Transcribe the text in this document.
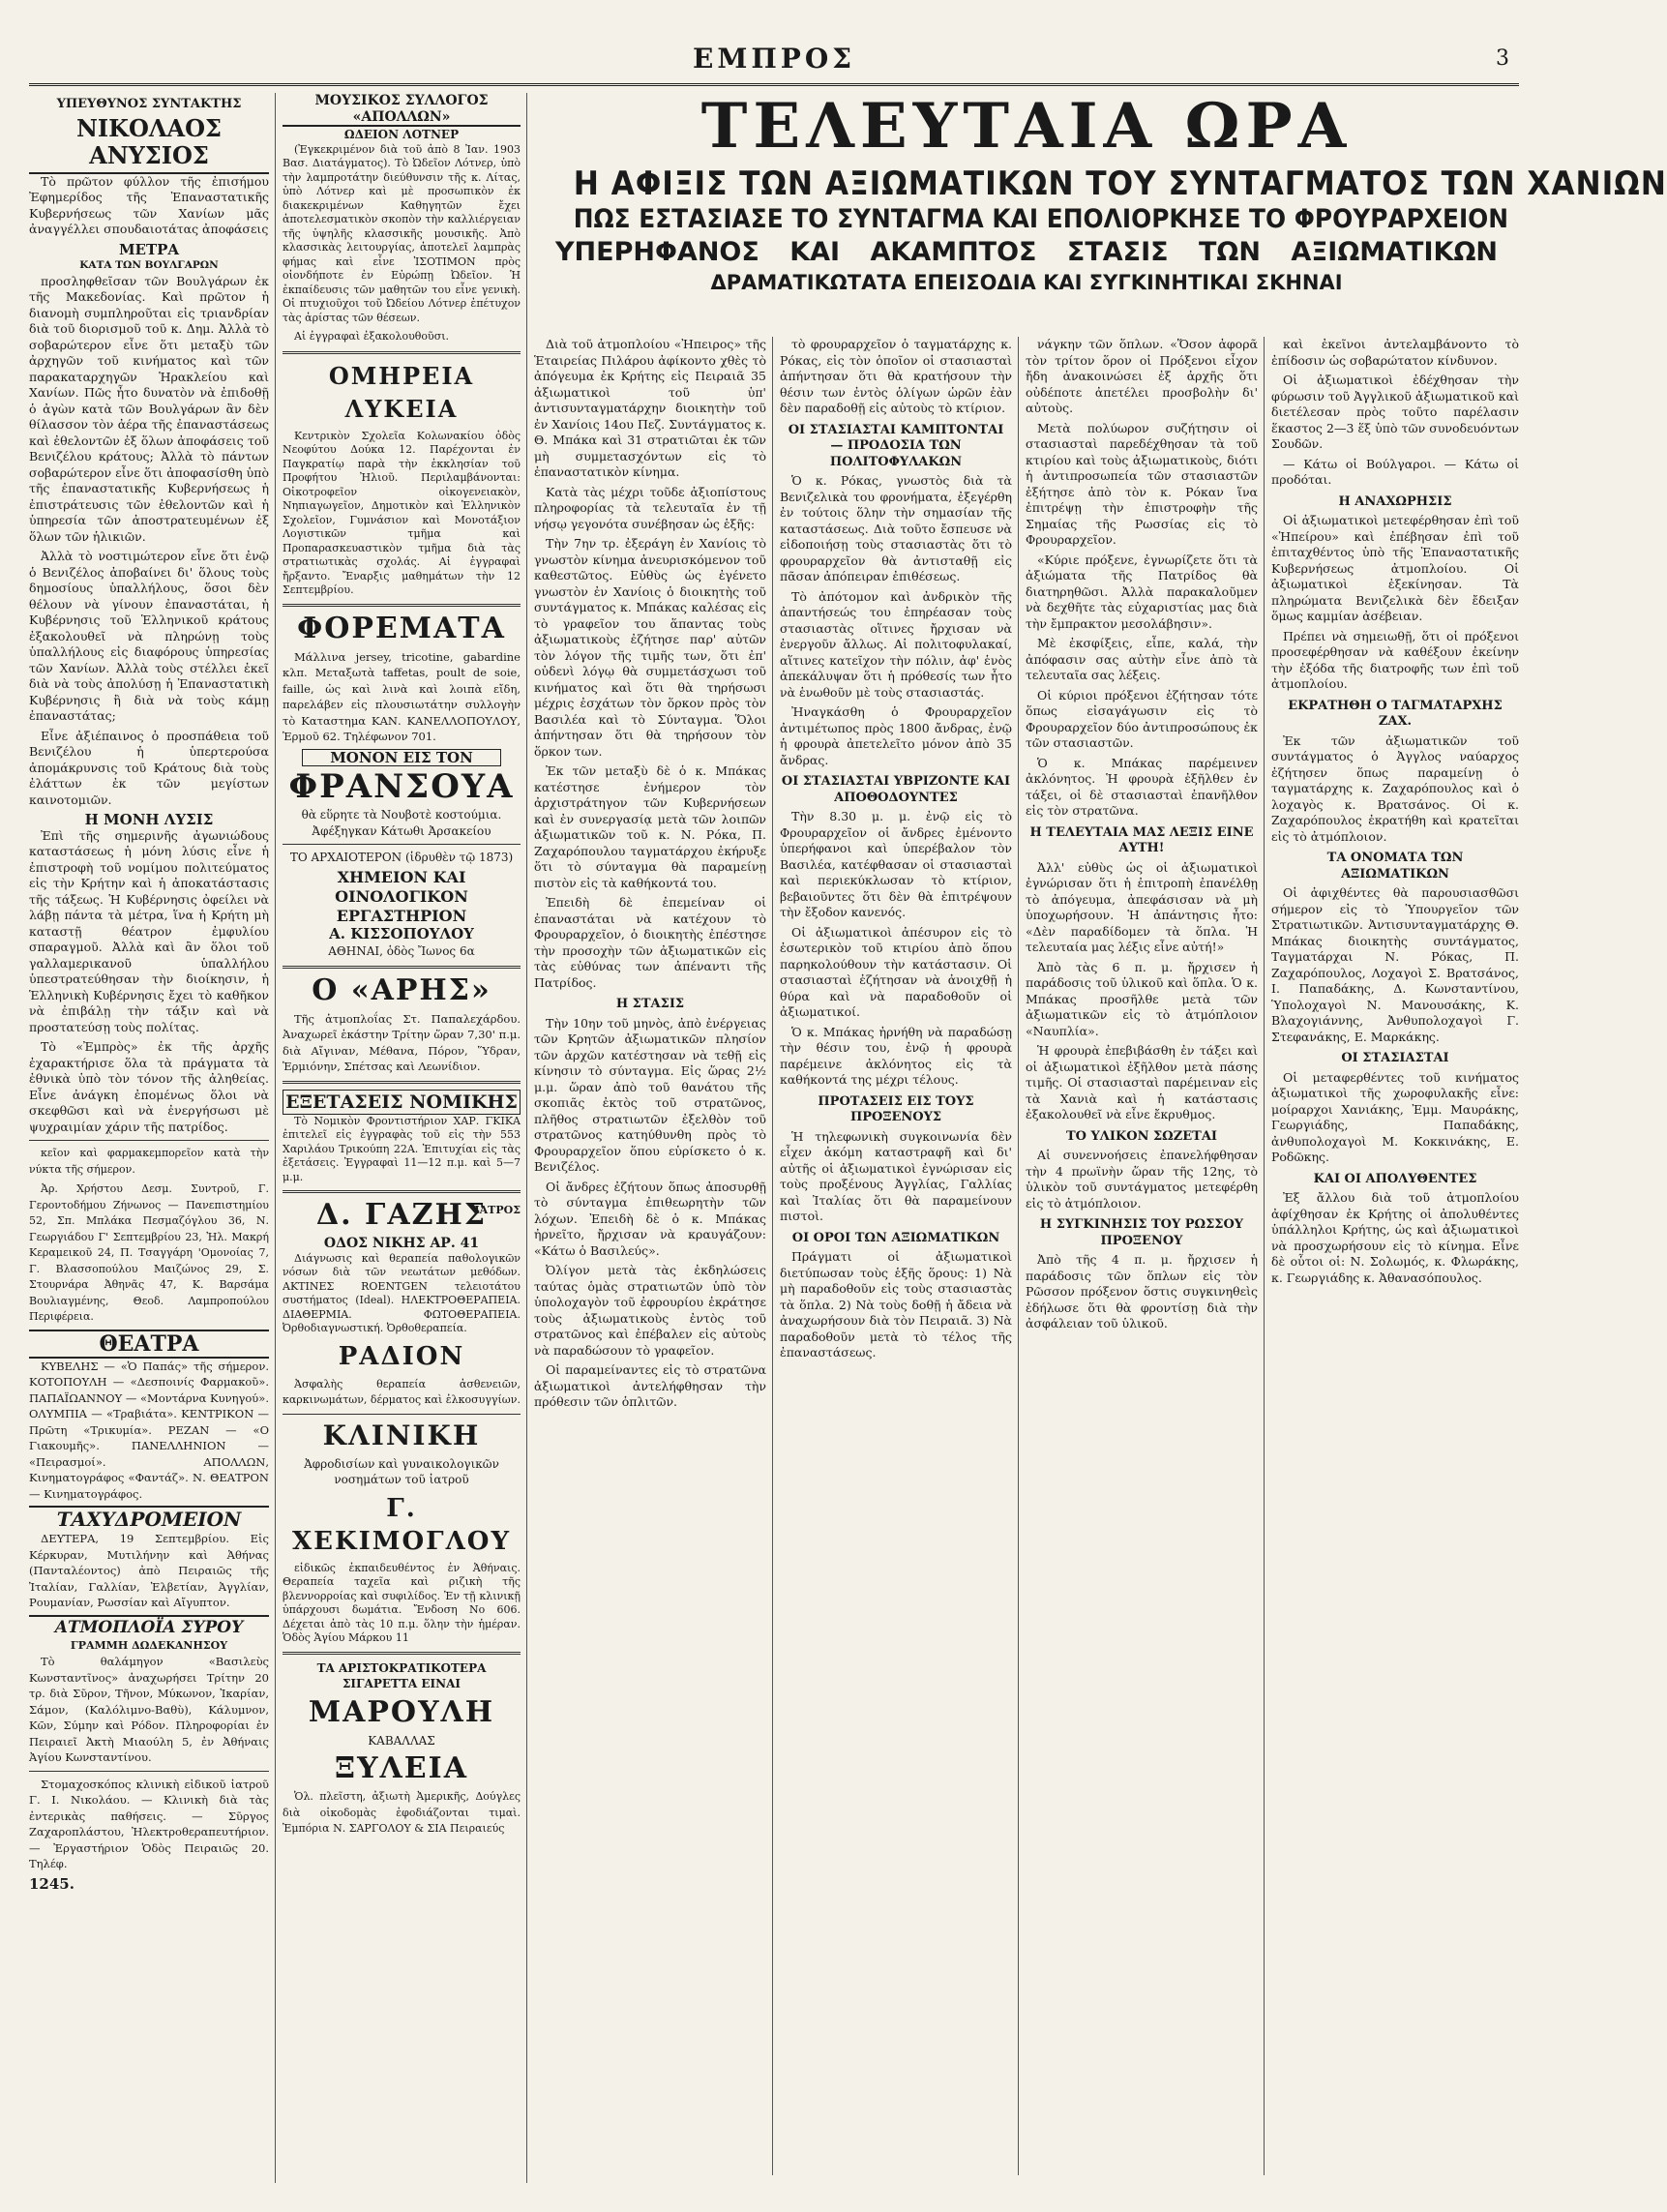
ΕΜΠΡΟΣ	3
ΥΠΕΥΘΥΝΟΣ ΣΥΝΤΑΚΤΗΣ
ΝΙΚΟΛΑΟΣ ΑΝΥΣΙΟΣ

Τὸ πρῶτον φύλλον τῆς ἐπισήμου Ἐφημερίδος τῆς Ἐπαναστατικῆς Κυβερνήσεως τῶν Χανίων μᾶς ἀναγγέλλει σπουδαιοτάτας ἀποφάσεις

ΜΕΤΡΑ
ΚΑΤΑ ΤΩΝ ΒΟΥΛΓΑΡΩΝ

προσληφθεῖσαν τῶν Βουλγάρων ἐκ τῆς Μακεδονίας. Καὶ πρῶτον ἡ διανομὴ συμπληροῦται εἰς τριανδρίαν διὰ τοῦ διορισμοῦ τοῦ κ. Δημ. Ἀλλὰ τὸ σοβαρώτερον εἶνε ὅτι μεταξὺ τῶν ἀρχηγῶν τοῦ κινήματος καὶ τῶν παρακαταρχηγῶν Ἡρακλείου καὶ Χανίων. Πῶς ἦτο δυνατὸν νὰ ἐπιδοθῇ ὁ ἀγὼν κατὰ τῶν Βουλγάρων ἂν δὲν θίλασσον τὸν ἀέρα τῆς ἐπαναστάσεως καὶ ἐθελοντῶν ἐξ ὅλων ἀποφάσεις τοῦ Βενιζέλου κράτους; Ἀλλὰ τὸ πάντων σοβαρώτερον εἶνε ὅτι ἀποφασίσθη ὑπὸ τῆς ἐπαναστατικῆς Κυβερνήσεως ἡ ἐπιστράτευσις τῶν ἐθελοντῶν καὶ ἡ ὑπηρεσία τῶν ἀποστρατευμένων ἐξ ὅλων τῶν ἡλικιῶν.

Ἀλλὰ τὸ νοστιμώτερον εἶνε ὅτι ἐνῷ ὁ Βενιζέλος ἀποβαίνει δι' ὅλους τοὺς δημοσίους ὑπαλλήλους, ὅσοι δὲν θέλουν νὰ γίνουν ἐπαναστάται, ἡ Κυβέρνησις τοῦ Ἑλληνικοῦ κράτους ἐξακολουθεῖ νὰ πληρώνῃ τοὺς ὑπαλλήλους εἰς διαφόρους ὑπηρεσίας τῶν Χανίων. Ἀλλὰ τοὺς στέλλει ἐκεῖ διὰ νὰ τοὺς ἀπολύσῃ ἡ Ἐπαναστατικὴ Κυβέρνησις ἢ διὰ νὰ τοὺς κάμῃ ἐπαναστάτας;

Εἶνε ἀξιέπαινος ὁ προσπάθεια τοῦ Βενιζέλου ἡ ὑπερτερούσα ἀπομάκρυνσις τοῦ Κράτους διὰ τοὺς ἐλάττων ἐκ τῶν μεγίστων καινοτομιῶν.

Η ΜΟΝΗ ΛΥΣΙΣ

Ἐπὶ τῆς σημερινῆς ἀγωνιώδους καταστάσεως ἡ μόνη λύσις εἶνε ἡ ἐπιστροφὴ τοῦ νομίμου πολιτεύματος εἰς τὴν Κρήτην καὶ ἡ ἀποκατάστασις τῆς τάξεως. Ἡ Κυβέρνησις ὀφείλει νὰ λάβῃ πάντα τὰ μέτρα, ἵνα ἡ Κρήτη μὴ καταστῇ θέατρον ἐμφυλίου σπαραγμοῦ. Ἀλλὰ καὶ ἂν ὅλοι τοῦ γαλλαμερικανοῦ ὑπαλλήλου ὑπεστρατεύθησαν τὴν διοίκησιν, ἡ Ἑλληνικὴ Κυβέρνησις ἔχει τὸ καθῆκον νὰ ἐπιβάλῃ τὴν τάξιν καὶ νὰ προστατεύσῃ τοὺς πολίτας.

Τὸ «Ἐμπρὸς» ἐκ τῆς ἀρχῆς ἐχαρακτήρισε ὅλα τὰ πράγματα τὰ ἐθνικὰ ὑπὸ τὸν τόνον τῆς ἀληθείας. Εἶνε ἀνάγκη ἐπομένως ὅλοι νὰ σκεφθῶσι καὶ νὰ ἐνεργήσωσι μὲ ψυχραιμίαν χάριν τῆς πατρίδος.

κεῖον καὶ φαρμακεμπορεῖον κατὰ τὴν νύκτα τῆς σήμερον.

Ἀρ. Χρήστου Δεσμ. Συντροῦ, Γ. Γεροντοδήμου Ζήνωνος — Πανεπιστημίου 52, Σπ. Μπλάκα Πεσμαζόγλου 36, Ν. Γεωργιάδου Γ' Σεπτεμβρίου 23, Ἠλ. Μακρή Κεραμεικοῦ 24, Π. Τσαγγάρη 'Ομονοίας 7, Γ. Βλασσοπούλου Μαιζώνος 29, Σ. Στουρνάρα Ἀθηνᾶς 47, Κ. Βαρσάμα Βουλιαγμένης, Θεοδ. Λαμπροπούλου Περιφέρεια.

ΘΕΑΤΡΑ

ΚΥΒΕΛΗΣ — «Ὁ Παπάς» τῆς σήμερον. ΚΟΤΟΠΟΥΛΗ — «Δεσποινίς Φαρμακοῦ». ΠΑΠΑΪΩΑΝΝΟΥ — «Μοντάρνα Κυνηγού». ΟΛΥΜΠΙΑ — «Τραβιάτα». ΚΕΝΤΡΙΚΟΝ — Πρῶτη «Τρικυμία». ΡΕΖΑΝ — «Ο Γιακουμῆς». ΠΑΝΕΛΛΗΝΙΟΝ — «Πειρασμοί». ΑΠΟΛΛΩΝ, Κινηματογράφος «Φαντάζ». Ν. ΘΕΑΤΡΟΝ — Κινηματογράφος.

ΤΑΧΥΔΡΟΜΕΙΟΝ

ΔΕΥΤΕΡΑ, 19 Σεπτεμβρίου. Εἰς Κέρκυραν, Μυτιλήνην καὶ Ἀθήνας (Πανταλέοντος) ἀπὸ Πειραιῶς τῆς Ἰταλίαν, Γαλλίαν, Ἑλβετίαν, Ἀγγλίαν, Ρουμανίαν, Ρωσσίαν καὶ Αἴγυπτον.

ΑΤΜΟΠΛΟΪΑ ΣΥΡΟΥ
ΓΡΑΜΜΗ ΔΩΔΕΚΑΝΗΣΟΥ

Τὸ θαλάμηγον «Βασιλεὺς Κωνσταντῖνος» ἀναχωρήσει Τρίτην 20 τρ. διὰ Σῦρον, Τῆνον, Μύκωνον, Ἰκαρίαν, Σάμον, (Καλόλιμνο-Βαθὺ), Κάλυμνον, Κῶν, Σύμην καὶ Ρόδον. Πληροφορίαι ἐν Πειραιεῖ Ἀκτὴ Μιαούλη 5, ἐν Ἀθήναις Ἀγίου Κωνσταντίνου.

Στομαχοσκόπος κλινικὴ εἰδικοῦ ἰατροῦ Γ. Ι. Νικολάου. — Κλινικὴ διὰ τὰς ἐντερικὰς παθήσεις. — Σῦργος Ζαχαροπλάστου, Ἠλεκτροθεραπευτήριον. — Ἐργαστήριον Ὁδὸς Πειραιῶς 20. Τηλέφ.

1245.
ΜΟΥΣΙΚΟΣ ΣΥΛΛΟΓΟΣ «ΑΠΟΛΛΩΝ»
ΩΔΕΙΟΝ ΛΟΤΝΕΡ

(Ἐγκεκριμένον διὰ τοῦ ἀπὸ 8 Ἰαν. 1903 Βασ. Διατάγματος). Τὸ Ὠδεῖον Λότνερ, ὑπὸ τὴν λαμπροτάτην διεύθυνσιν τῆς κ. Λίτας, ὑπὸ Λότνερ καὶ μὲ προσωπικὸν ἐκ διακεκριμένων Καθηγητῶν ἔχει ἀποτελεσματικὸν σκοπὸν τὴν καλλιέργειαν τῆς ὑψηλῆς κλασσικῆς μουσικῆς. Ἀπὸ κλασσικὰς λειτουργίας, ἀποτελεῖ λαμπρὰς φήμας καὶ εἶνε ἸΣΟΤΙΜΟΝ πρὸς οἰονδήποτε ἐν Εὐρώπῃ Ὠδεῖον. Ἡ ἐκπαίδευσις τῶν μαθητῶν του εἶνε γενικὴ. Οἱ πτυχιοῦχοι τοῦ Ὠδείου Λότνερ ἐπέτυχον τὰς ἀρίστας τῶν θέσεων.

Αἱ ἐγγραφαὶ ἐξακολουθοῦσι.

ΟΜΗΡΕΙΑ ΛΥΚΕΙΑ

Κεντρικὸν Σχολεῖα Κολωνακίου ὁδὸς Νεοφύτου Δούκα 12. Παρέχονται ἐν Παγκρατίῳ παρὰ τὴν ἐκκλησίαν τοῦ Προφήτου Ἠλιοῦ. Περιλαμβάνονται: Οἰκοτροφεῖον οἰκογενειακὸν, Νηπιαγωγεῖον, Δημοτικὸν καὶ Ἑλληνικὸν Σχολεῖον, Γυμνάσιον καὶ Μονοτάξιον Λογιστικῶν τμῆμα καὶ Προπαρασκευαστικὸν τμῆμα διὰ τὰς στρατιωτικὰς σχολάς. Αἱ ἐγγραφαὶ ἤρξαντο. Ἔναρξις μαθημάτων τὴν 12 Σεπτεμβρίου.

ΦΟΡΕΜΑΤΑ

Μάλλινα jersey, tricotine, gabardine κλπ. Μεταξωτὰ taffetas, poult de soie, faille, ὡς καὶ λινὰ καὶ λοιπὰ εἴδη, παρελάβεν εἰς πλουσιωτάτην συλλογὴν τὸ Καταστημα ΚΑΝ. ΚΑΝΕΛΛΟΠΟΥΛΟΥ, Ἑρμοῦ 62. Τηλέφωνον 701.

ΜΟΝΟΝ ΕΙΣ ΤΟΝ
ΦΡΑΝΣΟΥΑ
θὰ εὕρητε τὰ Νουβοτὲ κοστούμια. Ἀφέξηγκαν Κάτωθι Ἀρσακείου
ΤΟ ΑΡΧΑΙΟΤΕΡΟΝ (ἱδρυθὲν τῷ 1873)
ΧΗΜΕΙΟΝ ΚΑΙ ΟΙΝΟΛΟΓΙΚΟΝ ΕΡΓΑΣΤΗΡΙΟΝ
Α. ΚΙΣΣΟΠΟΥΛΟΥ
ΑΘΗΝΑΙ, ὁδὸς Ἴωνος 6α
Ο «ΑΡΗΣ»

Τῆς ἀτμοπλοΐας Στ. Παπαλεχάρδου. Ἀναχωρεῖ ἑκάστην Τρίτην ὥραν 7,30' π.μ. διὰ Αἴγιναν, Μέθανα, Πόρον, Ὕδραν, Ἑρμιόνην, Σπέτσας καὶ Λεωνίδιον.

ΕΞΕΤΑΣΕΙΣ ΝΟΜΙΚΗΣ

Τὸ Νομικὸν Φροντιστήριον ΧΑΡ. ΓΚΙΚΑ ἐπιτελεῖ εἰς ἐγγραφὰς τοῦ εἰς τὴν 553 Χαριλάου Τρικούπη 22Α. Ἐπιτυχίαι εἰς τὰς ἐξετάσεις. Ἐγγραφαὶ 11—12 π.μ. καὶ 5—7 μ.μ.

Δ. ΓΑΖΗΣ
ΙΑΤΡΟΣ
ΟΔΟΣ ΝΙΚΗΣ ΑΡ. 41

Διάγνωσις καὶ θεραπεία παθολογικῶν νόσων διὰ τῶν νεωτάτων μεθόδων. ΑΚΤΙΝΕΣ ROENTGEN τελειοτάτου συστήματος (Ideal). ΗΛΕΚΤΡΟΘΕΡΑΠΕΙΑ. ΔΙΑΘΕΡΜΙΑ. ΦΩΤΟΘΕΡΑΠΕΙΑ. Ὀρθοδιαγνωστική. Ὀρθοθεραπεία.

ΡΑΔΙΟΝ

Ἀσφαλὴς θεραπεία ἀσθενειῶν, καρκινωμάτων, δέρματος καὶ ἐλκοσυγγίων.

ΚΛΙΝΙΚΗ
Ἀφροδισίων καὶ γυναικολογικῶν νοσημάτων τοῦ ἰατροῦ
Γ. ΧΕΚΙΜΟΓΛΟΥ

εἰδικῶς ἐκπαιδευθέντος ἐν Ἀθήναις. Θεραπεία ταχεῖα καὶ ριζικὴ τῆς βλεννορροίας καὶ συφιλίδος. Ἐν τῇ κλινικῇ ὑπάρχουσι δωμάτια. Ἔνδοση Νο 606. Δέχεται ἀπὸ τὰς 10 π.μ. ὅλην τὴν ἡμέραν. Ὁδὸς Ἁγίου Μάρκου 11

ΤΑ ΑΡΙΣΤΟΚΡΑΤΙΚΟΤΕΡΑ ΣΙΓΑΡΕΤΤΑ ΕΙΝΑΙ
ΜΑΡΟΥΛΗ
ΚΑΒΑΛΛΑΣ
ΞΥΛΕΙΑ

Ὁλ. πλεῖστη, ἀξιωτὴ Ἀμερικῆς, Δούγλες διὰ οἰκοδομὰς ἐφοδιάζονται τιμαὶ. Ἐμπόρια Ν. ΣΑΡΓΟΛΟΥ & ΣΙΑ Πειραιεύς

ΤΕΛΕΥΤΑΙΑ ΩΡΑ
Η ΑΦΙΞΙΣ ΤΩΝ ΑΞΙΩΜΑΤΙΚΩΝ ΤΟΥ ΣΥΝΤΑΓΜΑΤΟΣ ΤΩΝ ΧΑΝΙΩΝ
ΠΩΣ ΕΣΤΑΣΙΑΣΕ ΤΟ ΣΥΝΤΑΓΜΑ ΚΑΙ ΕΠΟΛΙΟΡΚΗΣΕ ΤΟ ΦΡΟΥΡΑΡΧΕΙΟΝ
ΥΠΕΡΗΦΑΝΟΣ ΚΑΙ ΑΚΑΜΠΤΟΣ ΣΤΑΣΙΣ ΤΩΝ ΑΞΙΩΜΑΤΙΚΩΝ
ΔΡΑΜΑΤΙΚΩΤΑΤΑ ΕΠΕΙΣΟΔΙΑ ΚΑΙ ΣΥΓΚΙΝΗΤΙΚΑΙ ΣΚΗΝΑΙ

Διὰ τοῦ ἀτμοπλοίου «Ἠπειρος» τῆς Ἑταιρείας Πιλάρου ἀφίκοντο χθὲς τὸ ἀπόγευμα ἐκ Κρήτης εἰς Πειραιᾶ 35 ἀξιωματικοὶ τοῦ ὑπ' ἀντισυνταγματάρχην διοικητὴν τοῦ ἐν Χανίοις 14ου Πεζ. Συντάγματος κ. Θ. Μπάκα καὶ 31 στρατιῶται ἐκ τῶν μὴ συμμετασχόντων εἰς τὸ ἐπαναστατικὸν κίνημα.

Κατὰ τὰς μέχρι τοῦδε ἀξιοπίστους πληροφορίας τὰ τελευταῖα ἐν τῇ νήσῳ γεγονότα συνέβησαν ὡς ἑξῆς:

Τὴν 7ην τρ. ἐξεράγη ἐν Χανίοις τὸ γνωστὸν κίνημα ἀνευρισκόμενον τοῦ καθεστῶτος. Εὐθὺς ὡς ἐγένετο γνωστὸν ἐν Χανίοις ὁ διοικητὴς τοῦ συντάγματος κ. Μπάκας καλέσας εἰς τὸ γραφεῖον του ἅπαντας τοὺς ἀξιωματικοὺς ἐζήτησε παρ' αὐτῶν τὸν λόγον τῆς τιμῆς των, ὅτι ἐπ' οὐδενὶ λόγῳ θὰ συμμετάσχωσι τοῦ κινήματος καὶ ὅτι θὰ τηρήσωσι μέχρις ἐσχάτων τὸν ὅρκον πρὸς τὸν Βασιλέα καὶ τὸ Σύνταγμα. Ὅλοι ἀπήντησαν ὅτι θὰ τηρήσουν τὸν ὅρκον των.

Ἐκ τῶν μεταξὺ δὲ ὁ κ. Μπάκας κατέστησε ἐνήμερον τὸν ἀρχιστράτηγον τῶν Κυβερνήσεων καὶ ἐν συνεργασίᾳ μετὰ τῶν λοιπῶν ἀξιωματικῶν τοῦ κ. Ν. Ρόκα, Π. Ζαχαρόπουλου ταγματάρχου ἐκήρυξε ὅτι τὸ σύνταγμα θὰ παραμείνῃ πιστὸν εἰς τὰ καθήκοντά του.

Ἐπειδὴ δὲ ἐπεμείναν οἱ ἐπαναστάται νὰ κατέχουν τὸ Φρουραρχεῖον, ὁ διοικητὴς ἐπέστησε τὴν προσοχὴν τῶν ἀξιωματικῶν εἰς τὰς εὐθύνας των ἀπέναντι τῆς Πατρίδος.

Η ΣΤΑΣΙΣ

Τὴν 10ην τοῦ μηνὸς, ἀπὸ ἐνέργειας τῶν Κρητῶν ἀξιωματικῶν πλησίον τῶν ἀρχῶν κατέστησαν νὰ τεθῇ εἰς κίνησιν τὸ σύνταγμα. Εἰς ὥρας 2½ μ.μ. ὥραν ἀπὸ τοῦ θανάτου τῆς σκοπιᾶς ἐκτὸς τοῦ στρατῶνος, πλῆθος στρατιωτῶν ἐξελθὸν τοῦ στρατῶνος κατηύθυνθη πρὸς τὸ Φρουραρχεῖον ὅπου εὑρίσκετο ὁ κ. Βενιζέλος.

Οἱ ἄνδρες ἐζήτουν ὅπως ἀποσυρθῇ τὸ σύνταγμα ἐπιθεωρητὴν τῶν λόχων. Ἐπειδὴ δὲ ὁ κ. Μπάκας ἠρνεῖτο, ἤρχισαν νὰ κραυγάζουν: «Κάτω ὁ Βασιλεύς».

Ὀλίγον μετὰ τὰς ἐκδηλώσεις ταύτας ὁμὰς στρατιωτῶν ὑπὸ τὸν ὑπολοχαγὸν τοῦ ἐφρουρίου ἐκράτησε τοὺς ἀξιωματικοὺς ἐντὸς τοῦ στρατῶνος καὶ ἐπέβαλεν εἰς αὐτοὺς νὰ παραδώσουν τὸ γραφεῖον.

Οἱ παραμείναντες εἰς τὸ στρατῶνα ἀξιωματικοὶ ἀντελήφθησαν τὴν πρόθεσιν τῶν ὁπλιτῶν.

τὸ φρουραρχεῖον ὁ ταγματάρχης κ. Ρόκας, εἰς τὸν ὁποῖον οἱ στασιασταὶ ἀπήντησαν ὅτι θὰ κρατήσουν τὴν θέσιν των ἐντὸς ὁλίγων ὡρῶν ἐὰν δὲν παραδοθῇ εἰς αὐτοὺς τὸ κτίριον.

ΟΙ ΣΤΑΣΙΑΣΤΑΙ ΚΑΜΠΤΟΝΤΑΙ — ΠΡΟΔΟΣΙΑ ΤΩΝ ΠΟΛΙΤΟΦΥΛΑΚΩΝ

Ὁ κ. Ρόκας, γνωστὸς διὰ τὰ Βενιζελικὰ του φρονήματα, ἐξεγέρθη ἐν τούτοις ὅλην τὴν σημασίαν τῆς καταστάσεως. Διὰ τοῦτο ἔσπευσε νὰ εἰδοποιήσῃ τοὺς στασιαστὰς ὅτι τὸ φρουραρχεῖον θὰ ἀντισταθῇ εἰς πᾶσαν ἀπόπειραν ἐπιθέσεως.

Τὸ ἀπότομον καὶ ἀνδρικὸν τῆς ἀπαντήσεώς του ἐπηρέασαν τοὺς στασιαστὰς οἵτινες ἤρχισαν νὰ ἐνεργοῦν ἄλλως. Αἱ πολιτοφυλακαί, αἵτινες κατεῖχον τὴν πόλιν, ἀφ' ἑνὸς ἀπεκάλυψαν ὅτι ἡ πρόθεσίς των ἦτο νὰ ἑνωθοῦν μὲ τοὺς στασιαστάς.

Ἠναγκάσθη ὁ Φρουραρχεῖον ἀντιμέτωπος πρὸς 1800 ἄνδρας, ἐνῷ ἡ φρουρὰ ἀπετελεῖτο μόνον ἀπὸ 35 ἄνδρας.

ΟΙ ΣΤΑΣΙΑΣΤΑΙ ΥΒΡΙΖΟΝΤΕ ΚΑΙ ΑΠΟΘΟΔΟΥΝΤΕΣ

Τὴν 8.30 μ. μ. ἐνῷ εἰς τὸ Φρουραρχεῖον οἱ ἄνδρες ἐμένοντο ὑπερήφανοι καὶ ὑπερέβαλον τὸν Βασιλέα, κατέφθασαν οἱ στασιασταὶ καὶ περιεκύκλωσαν τὸ κτίριον, βεβαιοῦντες ὅτι δὲν θὰ ἐπιτρέψουν τὴν ἔξοδον κανενός.

Οἱ ἀξιωματικοὶ ἀπέσυρον εἰς τὸ ἐσωτερικὸν τοῦ κτιρίου ἀπὸ ὅπου παρηκολούθουν τὴν κατάστασιν. Οἱ στασιασταὶ ἐζήτησαν νὰ ἀνοιχθῇ ἡ θύρα καὶ νὰ παραδοθοῦν οἱ ἀξιωματικοί.

Ὁ κ. Μπάκας ἠρνήθη νὰ παραδώσῃ τὴν θέσιν του, ἐνῷ ἡ φρουρὰ παρέμεινε ἀκλόνητος εἰς τὰ καθήκοντά της μέχρι τέλους.

ΠΡΟΤΑΣΕΙΣ ΕΙΣ ΤΟΥΣ ΠΡΟΞΕΝΟΥΣ

Ἡ τηλεφωνικὴ συγκοινωνία δὲν εἶχεν ἀκόμη καταστραφῆ καὶ δι' αὐτῆς οἱ ἀξιωματικοὶ ἐγνώρισαν εἰς τοὺς προξένους Ἀγγλίας, Γαλλίας καὶ Ἰταλίας ὅτι θὰ παραμείνουν πιστοὶ.

ΟΙ ΟΡΟΙ ΤΩΝ ΑΞΙΩΜΑΤΙΚΩΝ

Πράγματι οἱ ἀξιωματικοὶ διετύπωσαν τοὺς ἑξῆς ὅρους: 1) Νὰ μὴ παραδοθοῦν εἰς τοὺς στασιαστὰς τὰ ὅπλα. 2) Νὰ τοὺς δοθῇ ἡ ἄδεια νὰ ἀναχωρήσουν διὰ τὸν Πειραιᾶ. 3) Νὰ παραδοθοῦν μετὰ τὸ τέλος τῆς ἐπαναστάσεως.

νάγκην τῶν ὅπλων. «Ὅσον ἀφορᾶ τὸν τρίτον ὅρον οἱ Πρόξενοι εἶχον ἤδη ἀνακοινώσει ἐξ ἀρχῆς ὅτι οὐδέποτε ἀπετέλει προσβολὴν δι' αὐτοὺς.

Μετὰ πολύωρον συζήτησιν οἱ στασιασταὶ παρεδέχθησαν τὰ τοῦ κτιρίου καὶ τοὺς ἀξιωματικοὺς, διότι ἡ ἀντιπροσωπεία τῶν στασιαστῶν ἐξήτησε ἀπὸ τὸν κ. Ρόκαν ἵνα ἐπιτρέψῃ τὴν ἐπιστροφὴν τῆς Σημαίας τῆς Ρωσσίας εἰς τὸ Φρουραρχεῖον.

«Κύριε πρόξενε, ἐγνωρίζετε ὅτι τὰ ἀξιώματα τῆς Πατρίδος θὰ διατηρηθῶσι. Ἀλλὰ παρακαλοῦμεν νὰ δεχθῆτε τὰς εὐχαριστίας μας διὰ τὴν ἔμπρακτον μεσολάβησιν».

Μὲ ἐκσφίξεις, εἶπε, καλά, τὴν ἀπόφασιν σας αὐτὴν εἶνε ἀπὸ τὰ τελευταῖα σας λέξεις.

Οἱ κύριοι πρόξενοι ἐζήτησαν τότε ὅπως εἰσαγάγωσιν εἰς τὸ Φρουραρχεῖον δύο ἀντιπροσώπους ἐκ τῶν στασιαστῶν.

Ὁ κ. Μπάκας παρέμεινεν ἀκλόνητος. Ἡ φρουρὰ ἐξῆλθεν ἐν τάξει, οἱ δὲ στασιασταὶ ἐπανῆλθον εἰς τὸν στρατῶνα.

Η ΤΕΛΕΥΤΑΙΑ ΜΑΣ ΛΕΞΙΣ ΕΙΝΕ ΑΥΤΗ!

Ἀλλ' εὐθὺς ὡς οἱ ἀξιωματικοὶ ἐγνώρισαν ὅτι ἡ ἐπιτροπὴ ἐπανέλθῃ τὸ ἀπόγευμα, ἀπεφάσισαν νὰ μὴ ὑποχωρήσουν. Ἡ ἀπάντησις ἦτο: «Δὲν παραδίδομεν τὰ ὅπλα. Ἡ τελευταία μας λέξις εἶνε αὐτή!»

Ἀπὸ τὰς 6 π. μ. ἤρχισεν ἡ παράδοσις τοῦ ὑλικοῦ καὶ ὅπλα. Ὁ κ. Μπάκας προσῆλθε μετὰ τῶν ἀξιωματικῶν εἰς τὸ ἀτμόπλοιον «Ναυπλία».

Ἡ φρουρὰ ἐπεβιβάσθη ἐν τάξει καὶ οἱ ἀξιωματικοὶ ἐξῆλθον μετὰ πάσης τιμῆς. Οἱ στασιασταὶ παρέμειναν εἰς τὰ Χανιὰ καὶ ἡ κατάστασις ἐξακολουθεῖ νὰ εἶνε ἔκρυθμος.

ΤΟ ΥΛΙΚΟΝ ΣΩΖΕΤΑΙ

Αἱ συνεννοήσεις ἐπανελήφθησαν τὴν 4 πρωϊνὴν ὥραν τῆς 12ης, τὸ ὑλικὸν τοῦ συντάγματος μετεφέρθη εἰς τὸ ἀτμόπλοιον.

Η ΣΥΓΚΙΝΗΣΙΣ ΤΟΥ ΡΩΣΣΟΥ ΠΡΟΞΕΝΟΥ

Ἀπὸ τῆς 4 π. μ. ἤρχισεν ἡ παράδοσις τῶν ὅπλων εἰς τὸν Ρῶσσον πρόξενον ὅστις συγκινηθεὶς ἐδήλωσε ὅτι θὰ φροντίσῃ διὰ τὴν ἀσφάλειαν τοῦ ὑλικοῦ.

καὶ ἐκεῖνοι ἀντελαμβάνοντο τὸ ἐπίδοσιν ὡς σοβαρώτατον κίνδυνον.

Οἱ ἀξιωματικοὶ ἐδέχθησαν τὴν φύρωσιν τοῦ Ἀγγλικοῦ ἀξιωματικοῦ καὶ διετέλεσαν πρὸς τοῦτο παρέλασιν ἕκαστος 2—3 ἕξ ὑπὸ τῶν συνοδευόντων Σουδῶν.

— Κάτω οἱ Βούλγαροι. — Κάτω οἱ προδόται.

Η ΑΝΑΧΩΡΗΣΙΣ

Οἱ ἀξιωματικοὶ μετεφέρθησαν ἐπὶ τοῦ «Ἠπείρου» καὶ ἐπέβησαν ἐπὶ τοῦ ἐπιταχθέντος ὑπὸ τῆς Ἐπαναστατικῆς Κυβερνήσεως ἀτμοπλοίου. Οἱ ἀξιωματικοὶ ἐξεκίνησαν. Τὰ πληρώματα Βενιζελικὰ δὲν ἔδειξαν ὅμως καμμίαν ἀσέβειαν.

Πρέπει νὰ σημειωθῇ, ὅτι οἱ πρόξενοι προσεφέρθησαν νὰ καθέξουν ἐκείνην τὴν ἐξόδα τῆς διατροφῆς των ἐπὶ τοῦ ἀτμοπλοίου.

ΕΚΡΑΤΗΘΗ Ο ΤΑΓΜΑΤΑΡΧΗΣ ΖΑΧ.

Ἐκ τῶν ἀξιωματικῶν τοῦ συντάγματος ὁ Ἀγγλος ναύαρχος ἐζήτησεν ὅπως παραμείνῃ ὁ ταγματάρχης κ. Ζαχαρόπουλος καὶ ὁ λοχαγὸς κ. Βρατσάνος. Οἱ κ. Ζαχαρόπουλος ἐκρατήθη καὶ κρατεῖται εἰς τὸ ἀτμόπλοιον.

ΤΑ ΟΝΟΜΑΤΑ ΤΩΝ ΑΞΙΩΜΑΤΙΚΩΝ

Οἱ ἀφιχθέντες θὰ παρουσιασθῶσι σήμερον εἰς τὸ Ὑπουργεῖον τῶν Στρατιωτικῶν. Ἀντισυνταγματάρχης Θ. Μπάκας διοικητὴς συντάγματος, Ταγματάρχαι Ν. Ρόκας, Π. Ζαχαρόπουλος, Λοχαγοὶ Σ. Βρατσάνος, Ι. Παπαδάκης, Δ. Κωνσταντίνου, Ὑπολοχαγοὶ Ν. Μανουσάκης, Κ. Βλαχογιάννης, Ἀνθυπολοχαγοὶ Γ. Στεφανάκης, Ε. Μαρκάκης.

ΟΙ ΣΤΑΣΙΑΣΤΑΙ

Οἱ μεταφερθέντες τοῦ κινήματος ἀξιωματικοὶ τῆς χωροφυλακῆς εἶνε: μοίραρχοι Χανιάκης, Ἐμμ. Μαυράκης, Γεωργιάδης, Παπαδάκης, ἀνθυπολοχαγοὶ Μ. Κοκκινάκης, Ε. Ροδῶκης.

ΚΑΙ ΟΙ ΑΠΟΛΥΘΕΝΤΕΣ

Ἐξ ἄλλου διὰ τοῦ ἀτμοπλοίου ἀφίχθησαν ἐκ Κρήτης οἱ ἀπολυθέντες ὑπάλληλοι Κρήτης, ὡς καὶ ἀξιωματικοὶ νὰ προσχωρήσουν εἰς τὸ κίνημα. Εἶνε δὲ οὗτοι οἱ: Ν. Σολωμός, κ. Φλωράκης, κ. Γεωργιάδης κ. Ἀθανασόπουλος.
